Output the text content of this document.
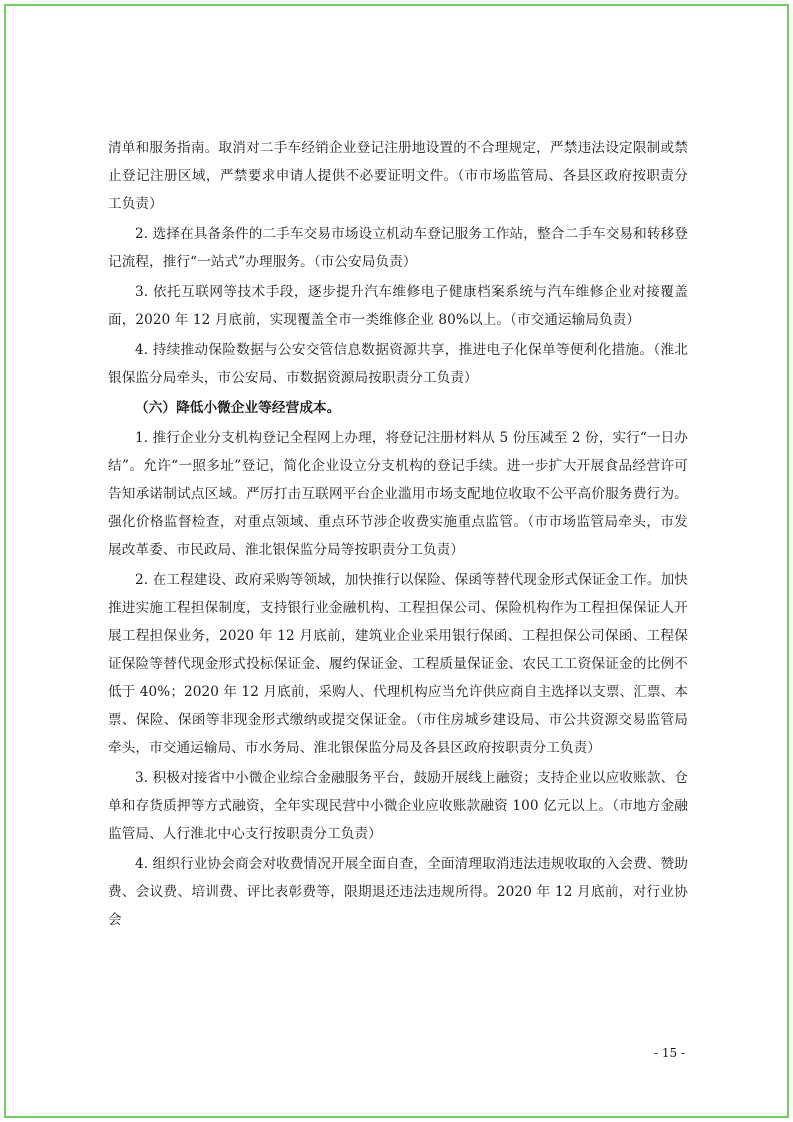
清单和服务指南。取消对二手车经销企业登记注册地设置的不合理规定，严禁违法设定限制或禁止登记注册区域，严禁要求申请人提供不必要证明文件。（市市场监管局、各县区政府按职责分工负责）

2. 选择在具备条件的二手车交易市场设立机动车登记服务工作站，整合二手车交易和转移登记流程，推行“一站式”办理服务。（市公安局负责）

3. 依托互联网等技术手段，逐步提升汽车维修电子健康档案系统与汽车维修企业对接覆盖面，2020 年 12 月底前，实现覆盖全市一类维修企业 80%以上。（市交通运输局负责）

4. 持续推动保险数据与公安交管信息数据资源共享，推进电子化保单等便利化措施。（淮北银保监分局牵头，市公安局、市数据资源局按职责分工负责）

（六）降低小微企业等经营成本。

1. 推行企业分支机构登记全程网上办理，将登记注册材料从 5 份压减至 2 份，实行“一日办结”。允许“一照多址”登记，简化企业设立分支机构的登记手续。进一步扩大开展食品经营许可告知承诺制试点区域。严厉打击互联网平台企业滥用市场支配地位收取不公平高价服务费行为。强化价格监督检查，对重点领域、重点环节涉企收费实施重点监管。（市市场监管局牵头，市发展改革委、市民政局、淮北银保监分局等按职责分工负责）

2. 在工程建设、政府采购等领域，加快推行以保险、保函等替代现金形式保证金工作。加快推进实施工程担保制度，支持银行业金融机构、工程担保公司、保险机构作为工程担保保证人开展工程担保业务，2020 年 12 月底前，建筑业企业采用银行保函、工程担保公司保函、工程保证保险等替代现金形式投标保证金、履约保证金、工程质量保证金、农民工工资保证金的比例不低于 40%；2020 年 12 月底前，采购人、代理机构应当允许供应商自主选择以支票、汇票、本票、保险、保函等非现金形式缴纳或提交保证金。（市住房城乡建设局、市公共资源交易监管局牵头，市交通运输局、市水务局、淮北银保监分局及各县区政府按职责分工负责）

3. 积极对接省中小微企业综合金融服务平台，鼓励开展线上融资；支持企业以应收账款、仓单和存货质押等方式融资，全年实现民营中小微企业应收账款融资 100 亿元以上。（市地方金融监管局、人行淮北中心支行按职责分工负责）

4. 组织行业协会商会对收费情况开展全面自查，全面清理取消违法违规收取的入会费、赞助费、会议费、培训费、评比表彰费等，限期退还违法违规所得。2020 年 12 月底前，对行业协会

- 15 -
